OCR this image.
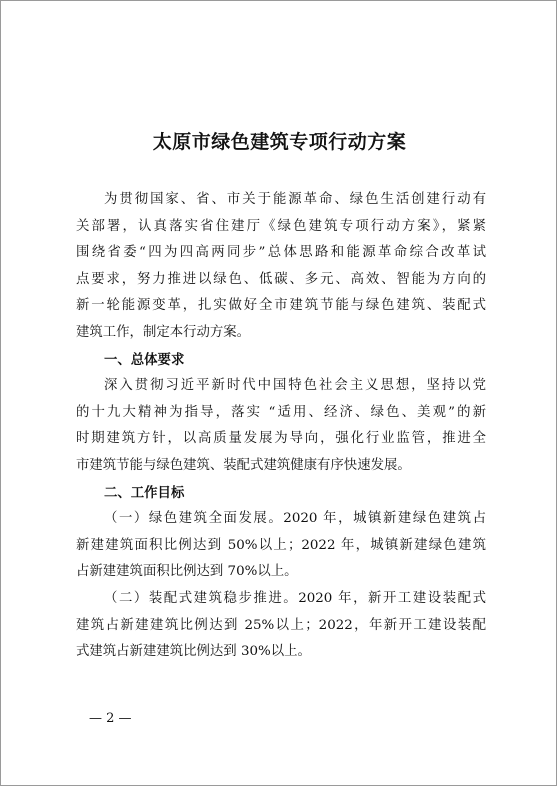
太原市绿色建筑专项行动方案
为贯彻国家、省、市关于能源革命、绿色生活创建行动有
关部署，认真落实省住建厅《绿色建筑专项行动方案》，紧紧
围绕省委“四为四高两同步”总体思路和能源革命综合改革试
点要求，努力推进以绿色、低碳、多元、高效、智能为方向的
新一轮能源变革，扎实做好全市建筑节能与绿色建筑、装配式
建筑工作，制定本行动方案。
一、总体要求
深入贯彻习近平新时代中国特色社会主义思想，坚持以党
的十九大精神为指导，落实 “适用、经济、绿色、美观”的新
时期建筑方针，以高质量发展为导向，强化行业监管，推进全
市建筑节能与绿色建筑、装配式建筑健康有序快速发展。
二、工作目标
（一）绿色建筑全面发展。2020 年，城镇新建绿色建筑占
新建建筑面积比例达到 50%以上；2022 年，城镇新建绿色建筑
占新建建筑面积比例达到 70%以上。
（二）装配式建筑稳步推进。2020 年，新开工建设装配式
建筑占新建建筑比例达到 25%以上；2022，年新开工建设装配
式建筑占新建建筑比例达到 30%以上。
— 2 —
